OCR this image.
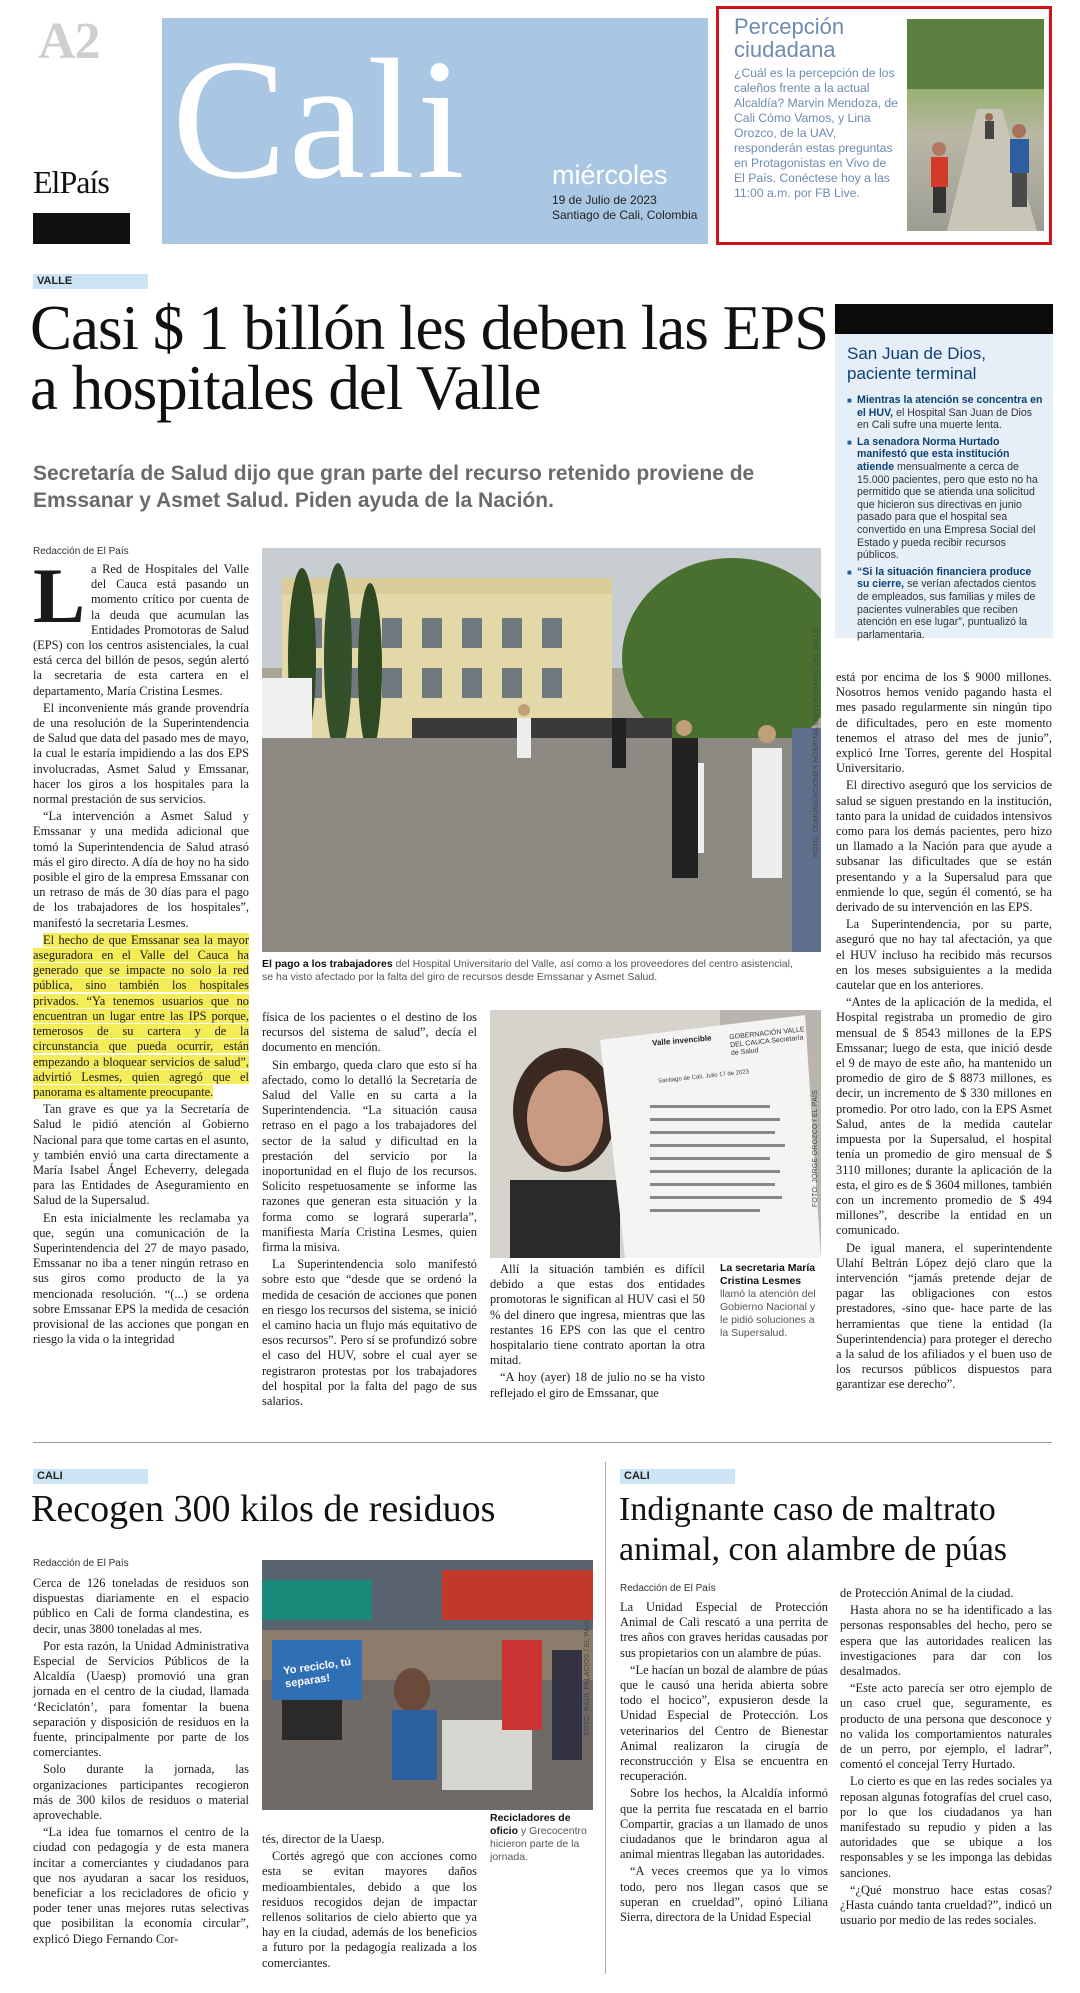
A2
ElPaís Cali	miércoles
19 de Julio de 2023
Santiago de Cali, Colombia
Percepción ciudadana
¿Cuál es la percepción de los caleños frente a la actual Alcaldía? Marvin Mendoza, de Cali Cómo Vamos, y Lina Orozco, de la UAV, responderán estas preguntas en Protagonistas en Vivo de El País. Conéctese hoy a las 11:00 a.m. por FB Live.
VALLE
Casi $ 1 billón les deben las EPS a hospitales del Valle
Secretaría de Salud dijo que gran parte del recurso retenido proviene de Emssanar y Asmet Salud. Piden ayuda de la Nación.
Redacción de El País
San Juan de Dios, paciente terminal
■ Mientras la atención se concentra en el HUV, el Hospital San Juan de Dios en Cali sufre una muerte lenta.
■ La senadora Norma Hurtado manifestó que esta institución atiende mensualmente a cerca de 15.000 pacientes, pero que esto no ha permitido que se atienda una solicitud que hicieron sus directivas en junio pasado para que el hospital sea convertido en una Empresa Social del Estado y pueda recibir recursos públicos.
■ “Si la situación financiera produce su cierre, se verían afectados cientos de empleados, sus familias y miles de pacientes vulnerables que reciben atención en ese lugar”, puntualizó la parlamentaria.
FOTO: COMUNICACIONES HOSPITAL UNIVERSITARIO DEL VALLE
El pago a los trabajadores del Hospital Universitario del Valle, así como a los proveedores del centro asistencial, se ha visto afectado por la falta del giro de recursos desde Emssanar y Asmet Salud.

La Red de Hospitales del Valle del Cauca está pasando un momento crítico por cuenta de la deuda que acumulan las Entidades Promotoras de Salud (EPS) con los centros asistenciales, la cual está cerca del billón de pesos, según alertó la secretaria de esta cartera en el departamento, María Cristina Lesmes.

El inconveniente más grande provendría de una resolución de la Superintendencia de Salud que data del pasado mes de mayo, la cual le estaría impidiendo a las dos EPS involucradas, Asmet Salud y Emssanar, hacer los giros a los hospitales para la normal prestación de sus servicios.

“La intervención a Asmet Salud y Emssanar y una medida adicional que tomó la Superintendencia de Salud atrasó más el giro directo. A día de hoy no ha sido posible el giro de la empresa Emssanar con un retraso de más de 30 días para el pago de los trabajadores de los hospitales”, manifestó la secretaria Lesmes.

El hecho de que Emssanar sea la mayor aseguradora en el Valle del Cauca ha generado que se impacte no solo la red pública, sino también los hospitales privados. “Ya tenemos usuarios que no encuentran un lugar entre las IPS porque, temerosos de su cartera y de la circunstancia que pueda ocurrir, están empezando a bloquear servicios de salud”, advirtió Lesmes, quien agregó que el panorama es altamente preocupante.

Tan grave es que ya la Secretaría de Salud le pidió atención al Gobierno Nacional para que tome cartas en el asunto, y también envió una carta directamente a María Isabel Ángel Echeverry, delegada para las Entidades de Aseguramiento en Salud de la Supersalud.

En esta inicialmente les reclamaba ya que, según una comunicación de la Superintendencia del 27 de mayo pasado, Emssanar no iba a tener ningún retraso en sus giros como producto de la ya mencionada resolución. “(...) se ordena sobre Emssanar EPS la medida de cesación provisional de las acciones que pongan en riesgo la vida o la integridad

física de los pacientes o el destino de los recursos del sistema de salud”, decía el documento en mención.

Sin embargo, queda claro que esto sí ha afectado, como lo detalló la Secretaría de Salud del Valle en su carta a la Superintendencia. “La situación causa retraso en el pago a los trabajadores del sector de la salud y dificultad en la prestación del servicio por la inoportunidad en el flujo de los recursos. Solicito respetuosamente se informe las razones que generan esta situación y la forma como se logrará superarla”, manifiesta María Cristina Lesmes, quien firma la misiva.

La Superintendencia solo manifestó sobre esto que “desde que se ordenó la medida de cesación de acciones que ponen en riesgo los recursos del sistema, se inició el camino hacia un flujo más equitativo de esos recursos”. Pero sí se profundizó sobre el caso del HUV, sobre el cual ayer se registraron protestas por los trabajadores del hospital por la falta del pago de sus salarios.

Valle invencible GOBERNACIÓN VALLE DEL CAUCA Secretaría de Salud
Santiago de Cali, Julio 17 de 2023
FOTO: JORGE OROZCO / EL PAÍS

Allí la situación también es difícil debido a que estas dos entidades promotoras le significan al HUV casi el 50 % del dinero que ingresa, mientras que las restantes 16 EPS con las que el centro hospitalario tiene contrato aportan la otra mitad.

“A hoy (ayer) 18 de julio no se ha visto reflejado el giro de Emssanar, que

La secretaria María Cristina Lesmes llamó la atención del Gobierno Nacional y le pidió soluciones a la Supersalud.

está por encima de los $ 9000 millones. Nosotros hemos venido pagando hasta el mes pasado regularmente sin ningún tipo de dificultades, pero en este momento tenemos el atraso del mes de junio”, explicó Irne Torres, gerente del Hospital Universitario.

El directivo aseguró que los servicios de salud se siguen prestando en la institución, tanto para la unidad de cuidados intensivos como para los demás pacientes, pero hizo un llamado a la Nación para que ayude a subsanar las dificultades que se están presentando y a la Supersalud para que enmiende lo que, según él comentó, se ha derivado de su intervención en las EPS.

La Superintendencia, por su parte, aseguró que no hay tal afectación, ya que el HUV incluso ha recibido más recursos en los meses subsiguientes a la medida cautelar que en los anteriores.

“Antes de la aplicación de la medida, el Hospital registraba un promedio de giro mensual de $ 8543 millones de la EPS Emssanar; luego de esta, que inició desde el 9 de mayo de este año, ha mantenido un promedio de giro de $ 8873 millones, es decir, un incremento de $ 330 millones en promedio. Por otro lado, con la EPS Asmet Salud, antes de la medida cautelar impuesta por la Supersalud, el hospital tenía un promedio de giro mensual de $ 3110 millones; durante la aplicación de la esta, el giro es de $ 3604 millones, también con un incremento promedio de $ 494 millones”, describe la entidad en un comunicado.

De igual manera, el superintendente Ulahí Beltrán López dejó claro que la intervención “jamás pretende dejar de pagar las obligaciones con estos prestadores, -sino que- hace parte de las herramientas que tiene la entidad (la Superintendencia) para proteger el derecho a la salud de los afiliados y el buen uso de los recursos públicos dispuestos para garantizar ese derecho”.

CALI
Recogen 300 kilos de residuos
Redacción de El País

Cerca de 126 toneladas de residuos son dispuestas diariamente en el espacio público en Cali de forma clandestina, es decir, unas 3800 toneladas al mes.

Por esta razón, la Unidad Administrativa Especial de Servicios Públicos de la Alcaldía (Uaesp) promovió una gran jornada en el centro de la ciudad, llamada ‘Reciclatón’, para fomentar la buena separación y disposición de residuos en la fuente, principalmente por parte de los comerciantes.

Solo durante la jornada, las organizaciones participantes recogieron más de 300 kilos de residuos o material aprovechable.

“La idea fue tomarnos el centro de la ciudad con pedagogía y de esta manera incitar a comerciantes y ciudadanos para que nos ayudaran a sacar los residuos, beneficiar a los recicladores de oficio y poder tener unas mejores rutas selectivas que posibilitan la economía circular”, explicó Diego Fernando Cor-

Yo reciclo, tú separas!	FOTO: RAÚL PALACIOS / EL PAÍS
Recicladores de oficio y Grecocentro hicieron parte de la jornada.

tés, director de la Uaesp.

Cortés agregó que con acciones como esta se evitan mayores daños medioambientales, debido a que los residuos recogidos dejan de impactar rellenos solitarios de cielo abierto que ya hay en la ciudad, además de los beneficios a futuro por la pedagogía realizada a los comerciantes.

CALI
Indignante caso de maltrato animal, con alambre de púas
Redacción de El País

La Unidad Especial de Protección Animal de Cali rescató a una perrita de tres años con graves heridas causadas por sus propietarios con un alambre de púas.

“Le hacían un bozal de alambre de púas que le causó una herida abierta sobre todo el hocico”, expusieron desde la Unidad Especial de Protección. Los veterinarios del Centro de Bienestar Animal realizaron la cirugía de reconstrucción y Elsa se encuentra en recuperación.

Sobre los hechos, la Alcaldía informó que la perrita fue rescatada en el barrio Compartir, gracias a un llamado de unos ciudadanos que le brindaron agua al animal mientras llegaban las autoridades.

“A veces creemos que ya lo vimos todo, pero nos llegan casos que se superan en crueldad”, opinó Liliana Sierra, directora de la Unidad Especial

de Protección Animal de la ciudad.

Hasta ahora no se ha identificado a las personas responsables del hecho, pero se espera que las autoridades realicen las investigaciones para dar con los desalmados.

“Este acto parecía ser otro ejemplo de un caso cruel que, seguramente, es producto de una persona que desconoce y no valida los comportamientos naturales de un perro, por ejemplo, el ladrar”, comentó el concejal Terry Hurtado.

Lo cierto es que en las redes sociales ya reposan algunas fotografías del cruel caso, por lo que los ciudadanos ya han manifestado su repudio y piden a las autoridades que se ubique a los responsables y se les imponga las debidas sanciones.

“¿Qué monstruo hace estas cosas?¿Hasta cuándo tanta crueldad?”, indicó un usuario por medio de las redes sociales.
